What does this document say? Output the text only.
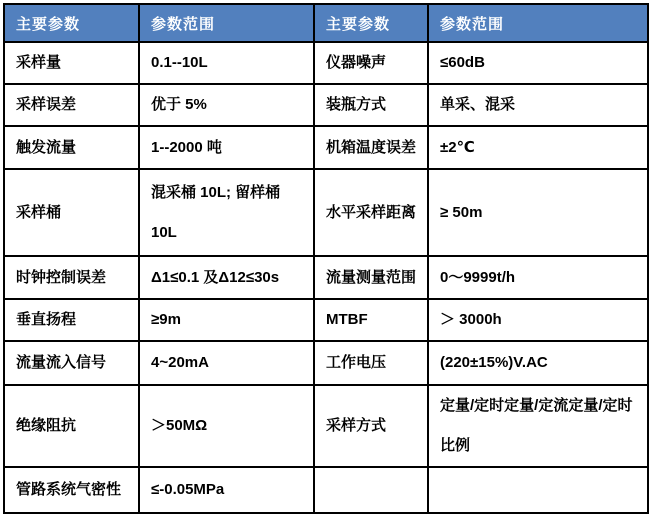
主要参数	参数范围	主要参数	参数范围
采样量	0.1--10L	仪器噪声	≤60dB
采样误差	优于 5%	装瓶方式	单采、混采
触发流量	1--2000 吨	机箱温度误差	±2℃
采样桶	混采桶 10L; 留样桶 10L	水平采样距离	≥ 50m
时钟控制误差	Δ1≤0.1 及Δ12≤30s	流量测量范围	0～9999t/h
垂直扬程	≥9m	MTBF	＞ 3000h
流量流入信号	4~20mA	工作电压	(220±15%)V.AC
绝缘阻抗	＞50MΩ	采样方式	定量/定时定量/定流定量/定时比例
管路系统气密性	≤-0.05MPa		
